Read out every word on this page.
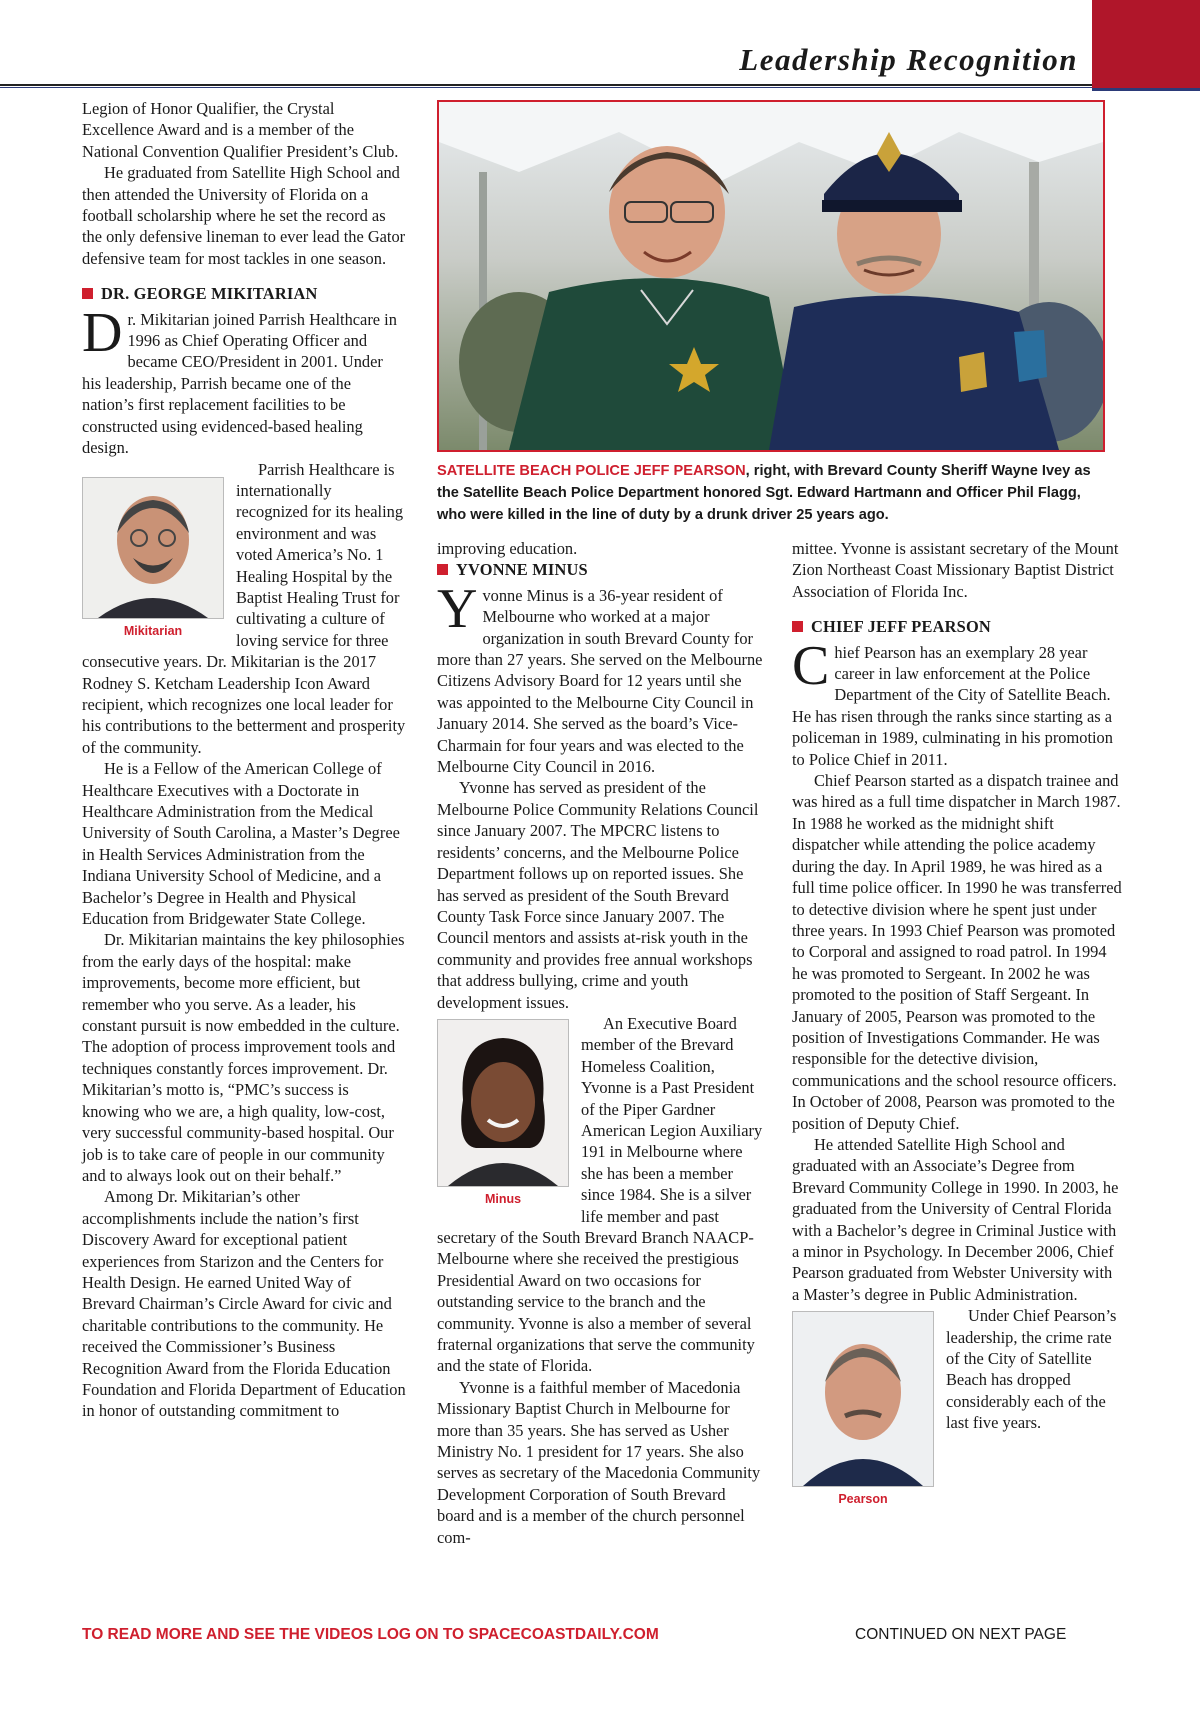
Leadership Recognition
SATELLITE BEACH POLICE JEFF PEARSON, right, with Brevard County Sheriff Wayne Ivey as the Satellite Beach Police Department honored Sgt. Edward Hartmann and Officer Phil Flagg, who were killed in the line of duty by a drunk driver 25 years ago.

Legion of Honor Qualifier, the Crystal Excellence Award and is a member of the National Convention Qualifier President’s Club.

He graduated from Satellite High School and then attended the University of Florida on a football scholarship where he set the record as the only defensive lineman to ever lead the Gator defensive team for most tackles in one season.

DR. GEORGE MIKITARIAN

Dr. Mikitarian joined Parrish Healthcare in 1996 as Chief Operating Officer and became CEO/President in 2001. Under his leadership, Parrish became one of the nation’s first replacement facilities to be constructed using evidenced-based healing design.

Mikitarian

Parrish Healthcare is internationally recognized for its healing environment and was voted America’s No. 1 Healing Hospital by the Baptist Healing Trust for cultivating a culture of loving service for three consecutive years. Dr. Mikitarian is the 2017 Rodney S. Ketcham Leadership Icon Award recipient, which recognizes one local leader for his contributions to the betterment and prosperity of the community.

He is a Fellow of the American College of Healthcare Executives with a Doctorate in Healthcare Administration from the Medical University of South Carolina, a Master’s Degree in Health Services Administration from the Indiana University School of Medicine, and a Bachelor’s Degree in Health and Physical Education from Bridgewater State College.

Dr. Mikitarian maintains the key philosophies from the early days of the hospital: make improvements, become more efficient, but remember who you serve. As a leader, his constant pursuit is now embedded in the culture. The adoption of process improvement tools and techniques constantly forces improvement. Dr. Mikitarian’s motto is, “PMC’s success is knowing who we are, a high quality, low-cost, very successful community-based hospital. Our job is to take care of people in our community and to always look out on their behalf.”

Among Dr. Mikitarian’s other accomplishments include the nation’s first Discovery Award for exceptional patient experiences from Starizon and the Centers for Health Design. He earned United Way of Brevard Chairman’s Circle Award for civic and charitable contributions to the community. He received the Commissioner’s Business Recognition Award from the Florida Education Foundation and Florida Department of Education in honor of outstanding commitment to

improving education.

YVONNE MINUS

Yvonne Minus is a 36-year resident of Melbourne who worked at a major organization in south Brevard County for more than 27 years. She served on the Melbourne Citizens Advisory Board for 12 years until she was appointed to the Melbourne City Council in January 2014. She served as the board’s Vice-Charmain for four years and was elected to the Melbourne City Council in 2016.

Yvonne has served as president of the Melbourne Police Community Relations Council since January 2007. The MPCRC listens to residents’ concerns, and the Melbourne Police Department follows up on reported issues. She has served as president of the South Brevard County Task Force since January 2007. The Council mentors and assists at-risk youth in the community and provides free annual workshops that address bullying, crime and youth development issues.

Minus

An Executive Board member of the Brevard Homeless Coalition, Yvonne is a Past President of the Piper Gardner American Legion Auxiliary 191 in Melbourne where she has been a member since 1984. She is a silver life member and past secretary of the South Brevard Branch NAACP-Melbourne where she received the prestigious Presidential Award on two occasions for outstanding service to the branch and the community. Yvonne is also a member of several fraternal organizations that serve the community and the state of Florida.

Yvonne is a faithful member of Macedonia Missionary Baptist Church in Melbourne for more than 35 years. She has served as Usher Ministry No. 1 president for 17 years. She also serves as secretary of the Macedonia Community Development Corporation of South Brevard board and is a member of the church personnel com-

mittee. Yvonne is assistant secretary of the Mount Zion Northeast Coast Missionary Baptist District Association of Florida Inc.

CHIEF JEFF PEARSON

Chief Pearson has an exemplary 28 year career in law enforcement at the Police Department of the City of Satellite Beach. He has risen through the ranks since starting as a policeman in 1989, culminating in his promotion to Police Chief in 2011.

Chief Pearson started as a dispatch trainee and was hired as a full time dispatcher in March 1987. In 1988 he worked as the midnight shift dispatcher while attending the police academy during the day. In April 1989, he was hired as a full time police officer. In 1990 he was transferred to detective division where he spent just under three years. In 1993 Chief Pearson was promoted to Corporal and assigned to road patrol. In 1994 he was promoted to Sergeant. In 2002 he was promoted to the position of Staff Sergeant. In January of 2005, Pearson was promoted to the position of Investigations Commander. He was responsible for the detective division, communications and the school resource officers. In October of 2008, Pearson was promoted to the position of Deputy Chief.

He attended Satellite High School and graduated with an Associate’s Degree from Brevard Community College in 1990. In 2003, he graduated from the University of Central Florida with a Bachelor’s degree in Criminal Justice with a minor in Psychology. In December 2006, Chief Pearson graduated from Webster University with a Master’s degree in Public Administration.

Pearson

Under Chief Pearson’s leadership, the crime rate of the City of Satellite Beach has dropped considerably each of the last five years.

TO READ MORE AND SEE THE VIDEOS LOG ON TO SPACECOASTDAILY.COM	CONTINUED ON NEXT PAGE
